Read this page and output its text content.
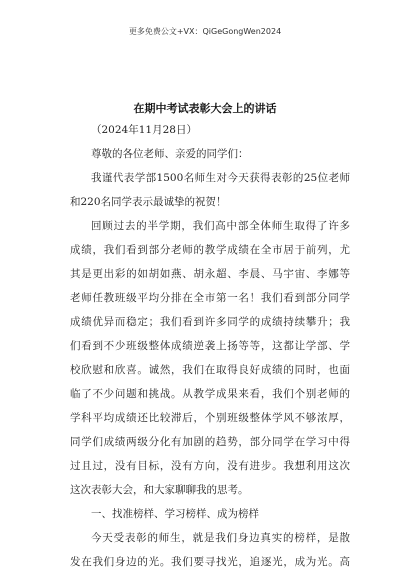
更多免费公文+VX：QiGeGongWen2024
在期中考试表彰大会上的讲话
（2024年11月28日）
尊敬的各位老师、亲爱的同学们：
我谨代表学部1500名师生对今天获得表彰的25位老师
和220名同学表示最诚挚的祝贺！
回顾过去的半学期，我们高中部全体师生取得了许多
成绩，我们看到部分老师的教学成绩在全市居于前列，尤
其是更出彩的如胡如燕、胡永超、李晨、马宇宙、李娜等
老师任教班级平均分排在全市第一名！我们看到部分同学
成绩优异而稳定；我们看到许多同学的成绩持续攀升；我
们看到不少班级整体成绩逆袭上扬等等，这都让学部、学
校欣慰和欣喜。诚然，我们在取得良好成绩的同时，也面
临了不少问题和挑战。从教学成果来看，我们个别老师的
学科平均成绩还比较滞后，个别班级整体学风不够浓厚，
同学们成绩两级分化有加剧的趋势，部分同学在学习中得
过且过，没有目标，没有方向，没有进步。我想利用这次
这次表彰大会，和大家聊聊我的思考。
一、找准榜样、学习榜样、成为榜样
今天受表彰的师生，就是我们身边真实的榜样，是散
发在我们身边的光。我们要寻找光，追逐光，成为光。高
